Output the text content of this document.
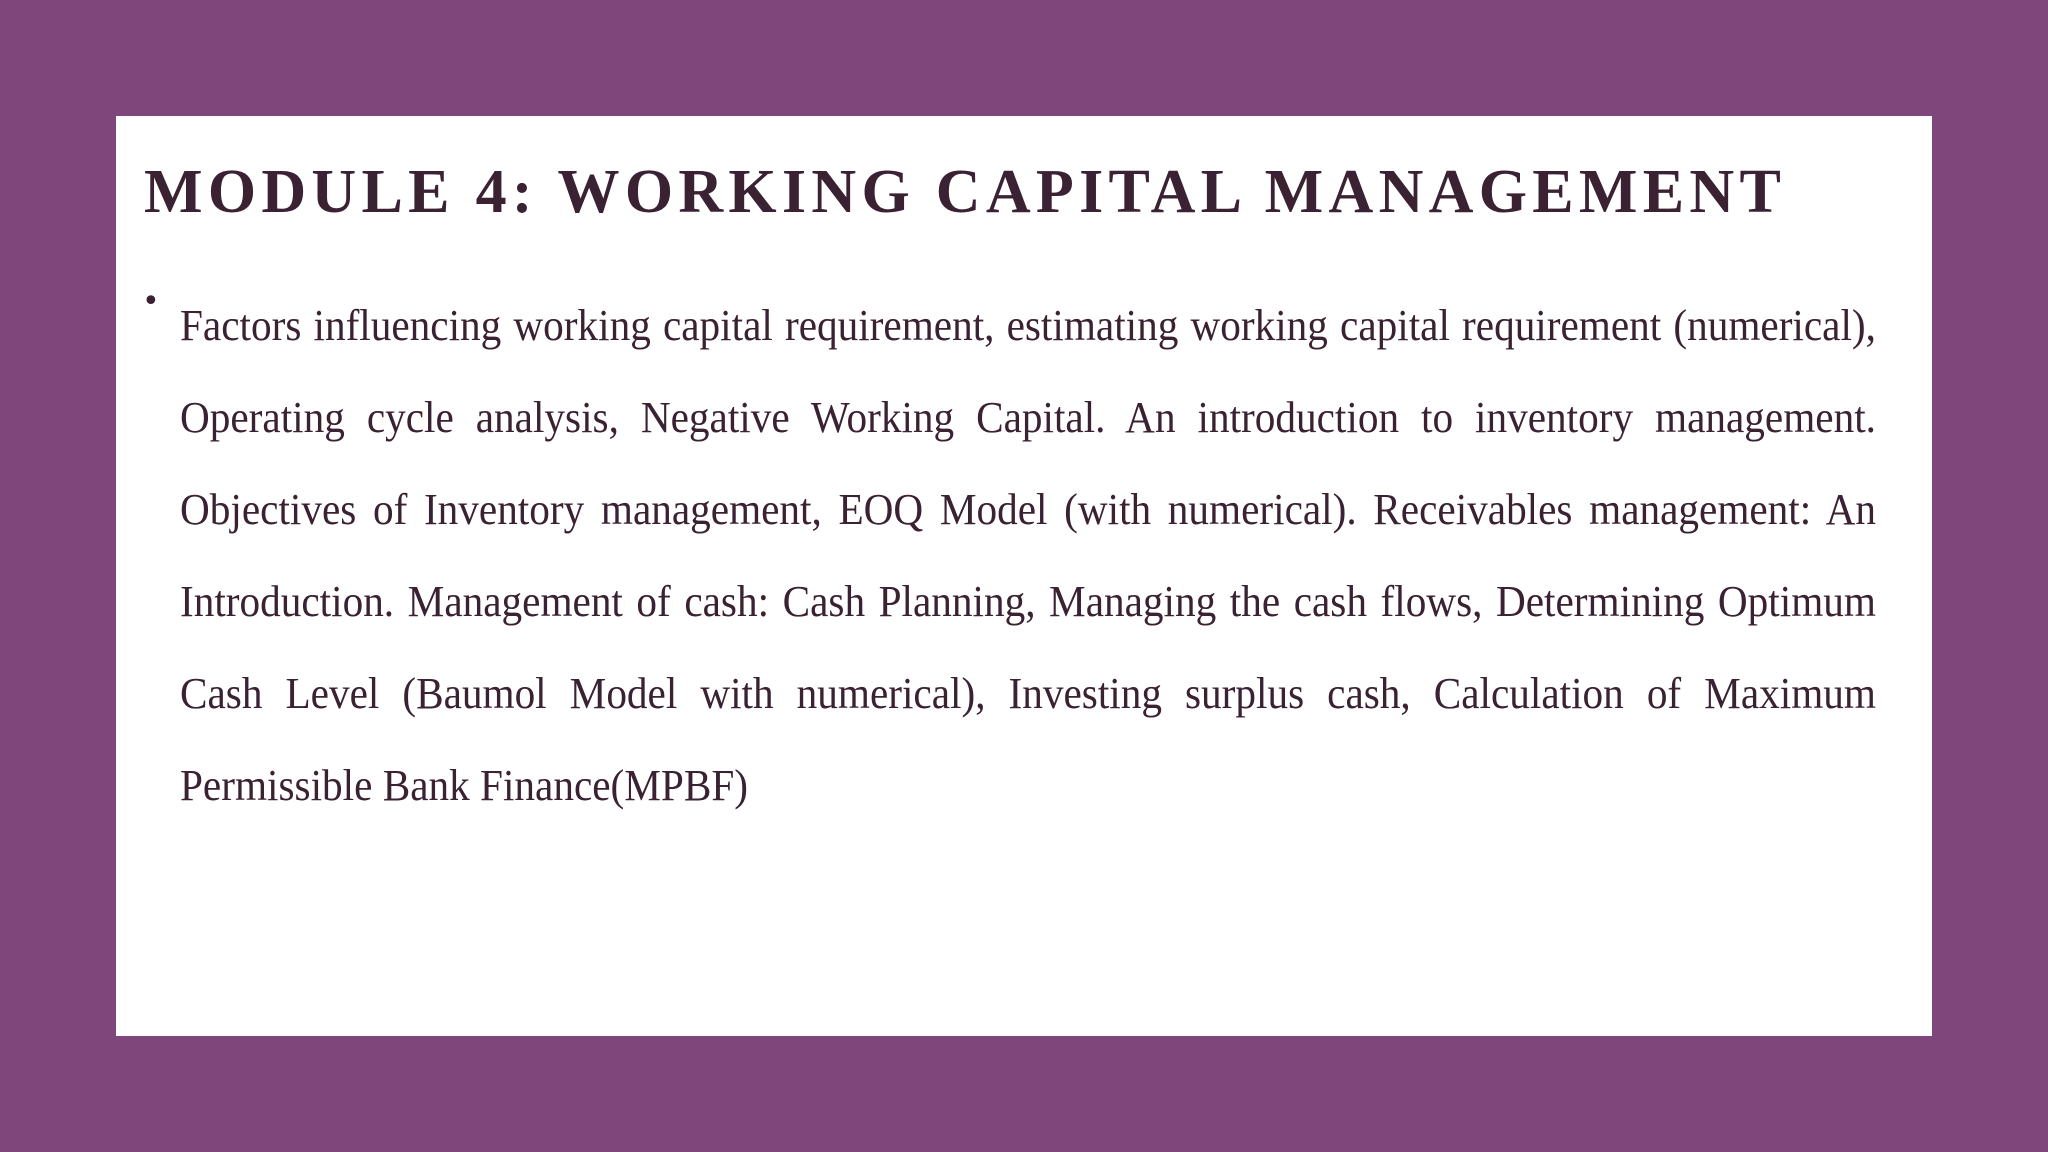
MODULE 4: WORKING CAPITAL MANAGEMENT
• Factors influencing working capital requirement, estimating working capital requirement (numerical), Operating cycle analysis, Negative Working Capital. An introduction to inventory management. Objectives of Inventory management, EOQ Model (with numerical). Receivables management: An Introduction. Management of cash: Cash Planning, Managing the cash flows, Determining Optimum Cash Level (Baumol Model with numerical), Investing surplus cash, Calculation of Maximum Permissible Bank Finance(MPBF)
